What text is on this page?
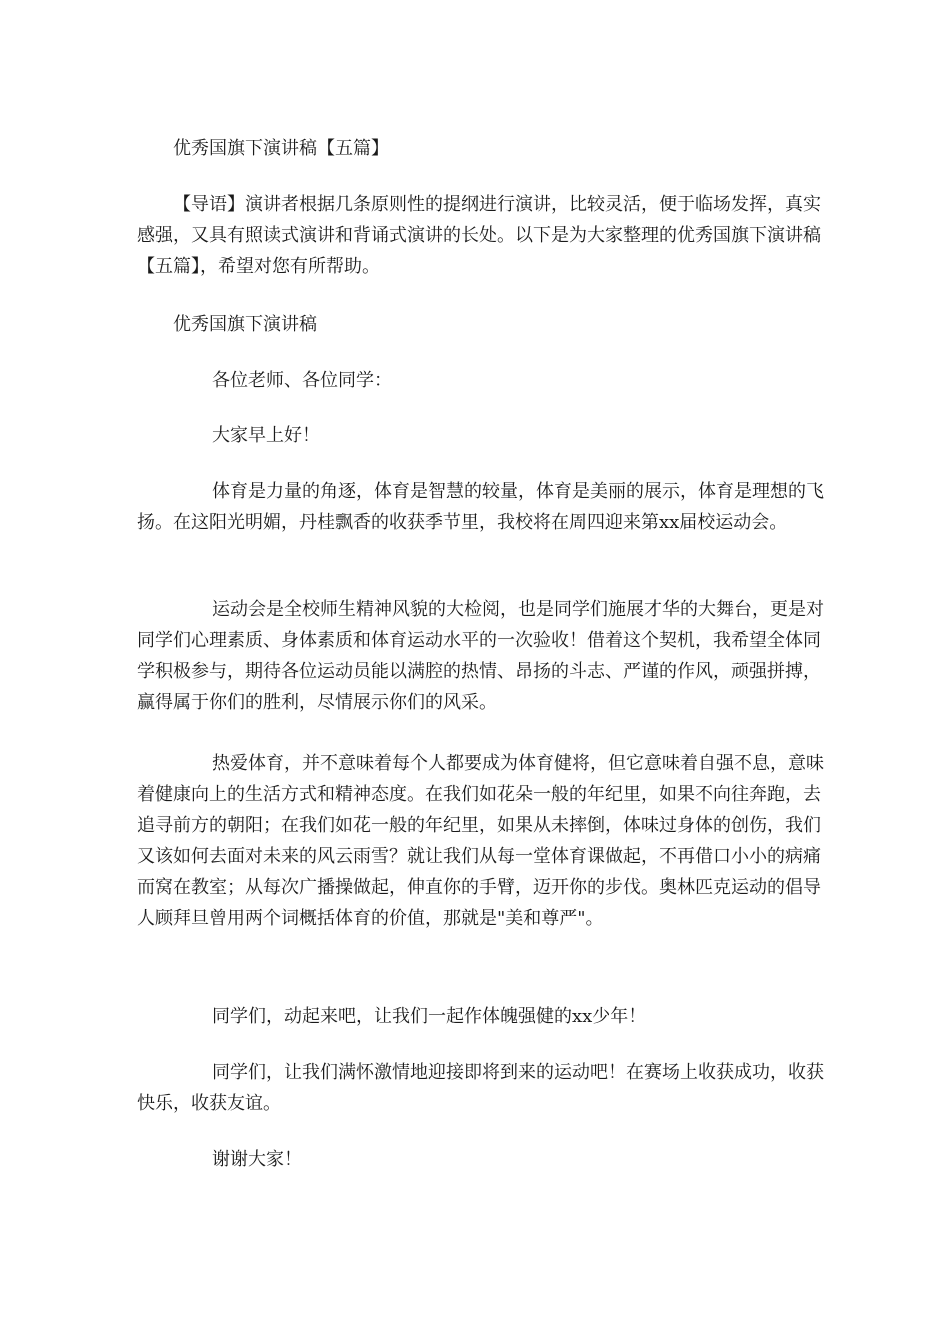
优秀国旗下演讲稿【五篇】

【导语】演讲者根据几条原则性的提纲进行演讲，比较灵活，便于临场发挥，真实感强，又具有照读式演讲和背诵式演讲的长处。以下是为大家整理的优秀国旗下演讲稿【五篇】，希望对您有所帮助。

优秀国旗下演讲稿

各位老师、各位同学：

大家早上好！

体育是力量的角逐，体育是智慧的较量，体育是美丽的展示，体育是理想的飞扬。在这阳光明媚，丹桂飘香的收获季节里，我校将在周四迎来第xx届校运动会。

运动会是全校师生精神风貌的大检阅，也是同学们施展才华的大舞台，更是对同学们心理素质、身体素质和体育运动水平的一次验收！借着这个契机，我希望全体同学积极参与，期待各位运动员能以满腔的热情、昂扬的斗志、严谨的作风，顽强拼搏，赢得属于你们的胜利，尽情展示你们的风采。

热爱体育，并不意味着每个人都要成为体育健将，但它意味着自强不息，意味着健康向上的生活方式和精神态度。在我们如花朵一般的年纪里，如果不向往奔跑，去追寻前方的朝阳；在我们如花一般的年纪里，如果从未摔倒，体味过身体的创伤，我们又该如何去面对未来的风云雨雪？就让我们从每一堂体育课做起，不再借口小小的病痛而窝在教室；从每次广播操做起，伸直你的手臂，迈开你的步伐。奥林匹克运动的倡导人顾拜旦曾用两个词概括体育的价值，那就是"美和尊严"。

同学们，动起来吧，让我们一起作体魄强健的xx少年！

同学们，让我们满怀激情地迎接即将到来的运动吧！在赛场上收获成功，收获快乐，收获友谊。

谢谢大家！
